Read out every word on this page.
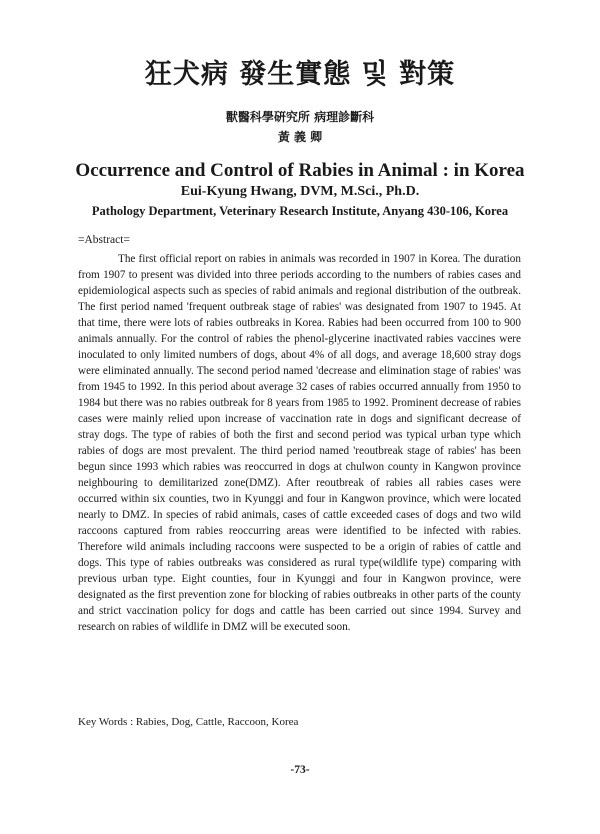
狂犬病 發生實態 및 對策
獸醫科學硏究所 病理診斷科
黃 義 卿
Occurrence and Control of Rabies in Animal : in Korea
Eui-Kyung Hwang, DVM, M.Sci., Ph.D.
Pathology Department, Veterinary Research Institute, Anyang 430-106, Korea
=Abstract=

The first official report on rabies in animals was recorded in 1907 in Korea. The duration from 1907 to present was divided into three periods according to the numbers of rabies cases and epidemiological aspects such as species of rabid animals and regional distribution of the outbreak. The first period named 'frequent outbreak stage of rabies' was designated from 1907 to 1945. At that time, there were lots of rabies outbreaks in Korea. Rabies had been occurred from 100 to 900 animals annually. For the control of rabies the phenol-glycerine inactivated rabies vaccines were inoculated to only limited numbers of dogs, about 4% of all dogs, and average 18,600 stray dogs were eliminated annually. The second period named 'decrease and elimination stage of rabies' was from 1945 to 1992. In this period about average 32 cases of rabies occurred annually from 1950 to 1984 but there was no rabies outbreak for 8 years from 1985 to 1992. Prominent decrease of rabies cases were mainly relied upon increase of vaccination rate in dogs and significant decrease of stray dogs. The type of rabies of both the first and second period was typical urban type which rabies of dogs are most prevalent. The third period named 'reoutbreak stage of rabies' has been begun since 1993 which rabies was reoccurred in dogs at chulwon county in Kangwon province neighbouring to demilitarized zone(DMZ). After reoutbreak of rabies all rabies cases were occurred within six counties, two in Kyunggi and four in Kangwon province, which were located nearly to DMZ. In species of rabid animals, cases of cattle exceeded cases of dogs and two wild raccoons captured from rabies reoccurring areas were identified to be infected with rabies. Therefore wild animals including raccoons were suspected to be a origin of rabies of cattle and dogs. This type of rabies outbreaks was considered as rural type(wildlife type) comparing with previous urban type. Eight counties, four in Kyunggi and four in Kangwon province, were designated as the first prevention zone for blocking of rabies outbreaks in other parts of the county and strict vaccination policy for dogs and cattle has been carried out since 1994. Survey and research on rabies of wildlife in DMZ will be executed soon.

Key Words : Rabies, Dog, Cattle, Raccoon, Korea
-73-
